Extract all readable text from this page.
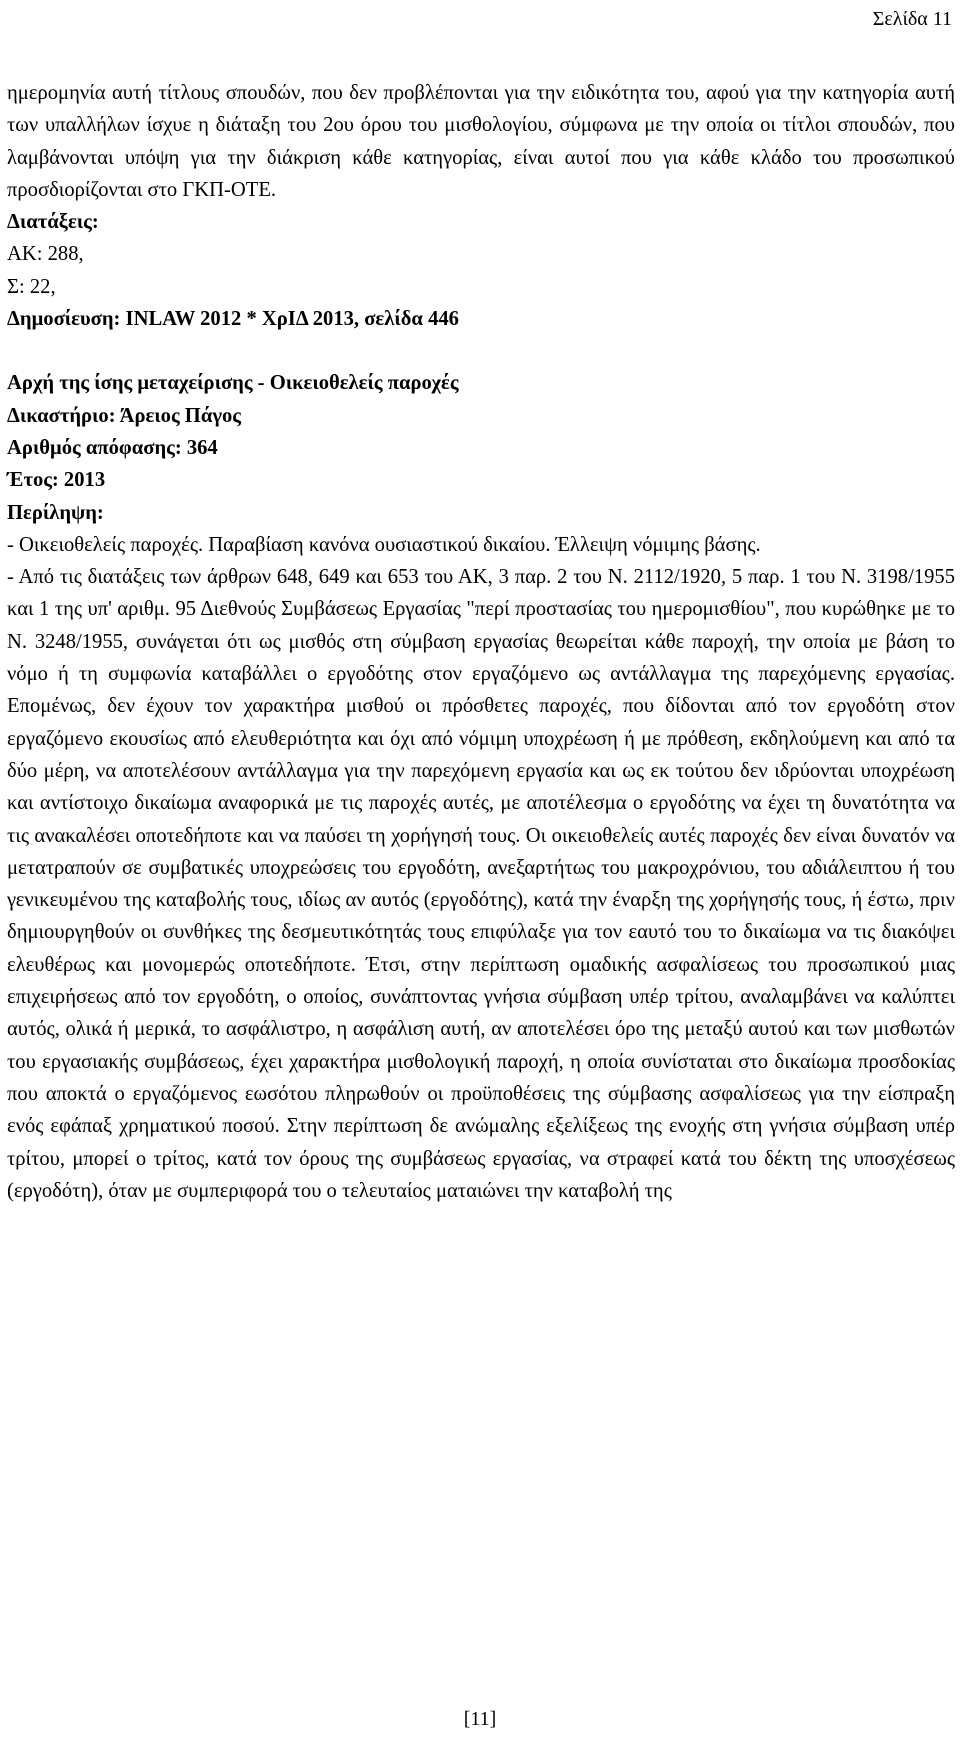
Σελίδα 11

ημερομηνία αυτή τίτλους σπουδών, που δεν προβλέπονται για την ειδικότητα του, αφού για την κατηγορία αυτή των υπαλλήλων ίσχυε η διάταξη του 2ου όρου του μισθολογίου, σύμφωνα με την οποία οι τίτλοι σπουδών, που λαμβάνονται υπόψη για την διάκριση κάθε κατηγορίας, είναι αυτοί που για κάθε κλάδο του προσωπικού προσδιορίζονται στο ΓΚΠ-ΟΤΕ.

Διατάξεις:
ΑΚ: 288,
Σ: 22,
Δημοσίευση: INLAW 2012 * ΧρΙΔ 2013, σελίδα 446
Αρχή της ίσης μεταχείρισης - Οικειοθελείς παροχές
Δικαστήριο: Άρειος Πάγος
Αριθμός απόφασης: 364
Έτος: 2013
Περίληψη:

- Οικειοθελείς παροχές. Παραβίαση κανόνα ουσιαστικού δικαίου. Έλλειψη νόμιμης βάσης.

- Από τις διατάξεις των άρθρων 648, 649 και 653 του ΑΚ, 3 παρ. 2 του Ν. 2112/1920, 5 παρ. 1 του Ν. 3198/1955 και 1 της υπ' αριθμ. 95 Διεθνούς Συμβάσεως Εργασίας "περί προστασίας του ημερομισθίου", που κυρώθηκε με το Ν. 3248/1955, συνάγεται ότι ως μισθός στη σύμβαση εργασίας θεωρείται κάθε παροχή, την οποία με βάση το νόμο ή τη συμφωνία καταβάλλει ο εργοδότης στον εργαζόμενο ως αντάλλαγμα της παρεχόμενης εργασίας. Επομένως, δεν έχουν τον χαρακτήρα μισθού οι πρόσθετες παροχές, που δίδονται από τον εργοδότη στον εργαζόμενο εκουσίως από ελευθεριότητα και όχι από νόμιμη υποχρέωση ή με πρόθεση, εκδηλούμενη και από τα δύο μέρη, να αποτελέσουν αντάλλαγμα για την παρεχόμενη εργασία και ως εκ τούτου δεν ιδρύονται υποχρέωση και αντίστοιχο δικαίωμα αναφορικά με τις παροχές αυτές, με αποτέλεσμα ο εργοδότης να έχει τη δυνατότητα να τις ανακαλέσει οποτεδήποτε και να παύσει τη χορήγησή τους. Οι οικειοθελείς αυτές παροχές δεν είναι δυνατόν να μετατραπούν σε συμβατικές υποχρεώσεις του εργοδότη, ανεξαρτήτως του μακροχρόνιου, του αδιάλειπτου ή του γενικευμένου της καταβολής τους, ιδίως αν αυτός (εργοδότης), κατά την έναρξη της χορήγησής τους, ή έστω, πριν δημιουργηθούν οι συνθήκες της δεσμευτικότητάς τους επιφύλαξε για τον εαυτό του το δικαίωμα να τις διακόψει ελευθέρως και μονομερώς οποτεδήποτε. Έτσι, στην περίπτωση ομαδικής ασφαλίσεως του προσωπικού μιας επιχειρήσεως από τον εργοδότη, ο οποίος, συνάπτοντας γνήσια σύμβαση υπέρ τρίτου, αναλαμβάνει να καλύπτει αυτός, ολικά ή μερικά, το ασφάλιστρο, η ασφάλιση αυτή, αν αποτελέσει όρο της μεταξύ αυτού και των μισθωτών του εργασιακής συμβάσεως, έχει χαρακτήρα μισθολογική παροχή, η οποία συνίσταται στο δικαίωμα προσδοκίας που αποκτά ο εργαζόμενος εωσότου πληρωθούν οι προϋποθέσεις της σύμβασης ασφαλίσεως για την είσπραξη ενός εφάπαξ χρηματικού ποσού. Στην περίπτωση δε ανώμαλης εξελίξεως της ενοχής στη γνήσια σύμβαση υπέρ τρίτου, μπορεί ο τρίτος, κατά τον όρους της συμβάσεως εργασίας, να στραφεί κατά του δέκτη της υποσχέσεως (εργοδότη), όταν με συμπεριφορά του ο τελευταίος ματαιώνει την καταβολή της

[11]
